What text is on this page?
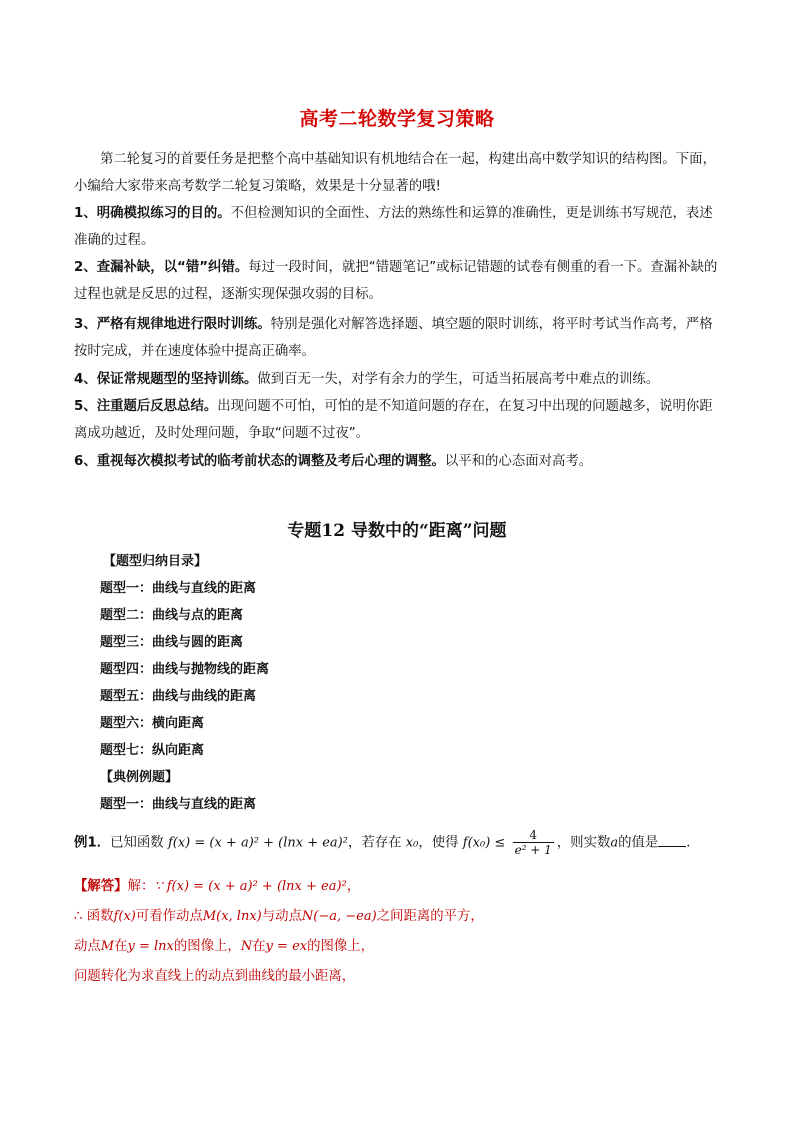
高考二轮数学复习策略

第二轮复习的首要任务是把整个高中基础知识有机地结合在一起，构建出高中数学知识的结构图。下面，小编给大家带来高考数学二轮复习策略，效果是十分显著的哦!

1、明确模拟练习的目的。不但检测知识的全面性、方法的熟练性和运算的准确性，更是训练书写规范，表述准确的过程。

2、查漏补缺，以“错”纠错。每过一段时间，就把“错题笔记”或标记错题的试卷有侧重的看一下。查漏补缺的过程也就是反思的过程，逐渐实现保强攻弱的目标。

3、严格有规律地进行限时训练。特别是强化对解答选择题、填空题的限时训练，将平时考试当作高考，严格按时完成，并在速度体验中提高正确率。

4、保证常规题型的坚持训练。做到百无一失，对学有余力的学生，可适当拓展高考中难点的训练。

5、注重题后反思总结。出现问题不可怕，可怕的是不知道问题的存在，在复习中出现的问题越多，说明你距离成功越近，及时处理问题，争取“问题不过夜”。

6、重视每次模拟考试的临考前状态的调整及考后心理的调整。以平和的心态面对高考。

专题12 导数中的“距离”问题
【题型归纳目录】
题型一：曲线与直线的距离
题型二：曲线与点的距离
题型三：曲线与圆的距离
题型四：曲线与抛物线的距离
题型五：曲线与曲线的距离
题型六：横向距离
题型七：纵向距离
【典例例题】
题型一：曲线与直线的距离
例1．已知函数 f(x) = (x + a)² + (lnx + ea)²，若存在 x₀，使得 $f(x_0) \le \frac{4}{\text{e² + 1}}$ ，则实数a的值是 ．
【解答】解：∵ f(x) = (x + a)² + (lnx + ea)²，
∴ 函数f(x)可看作动点M(x, lnx)与动点N(−a, −ea)之间距离的平方，
动点M在y = lnx的图像上，N在y = ex的图像上，
问题转化为求直线上的动点到曲线的最小距离，
